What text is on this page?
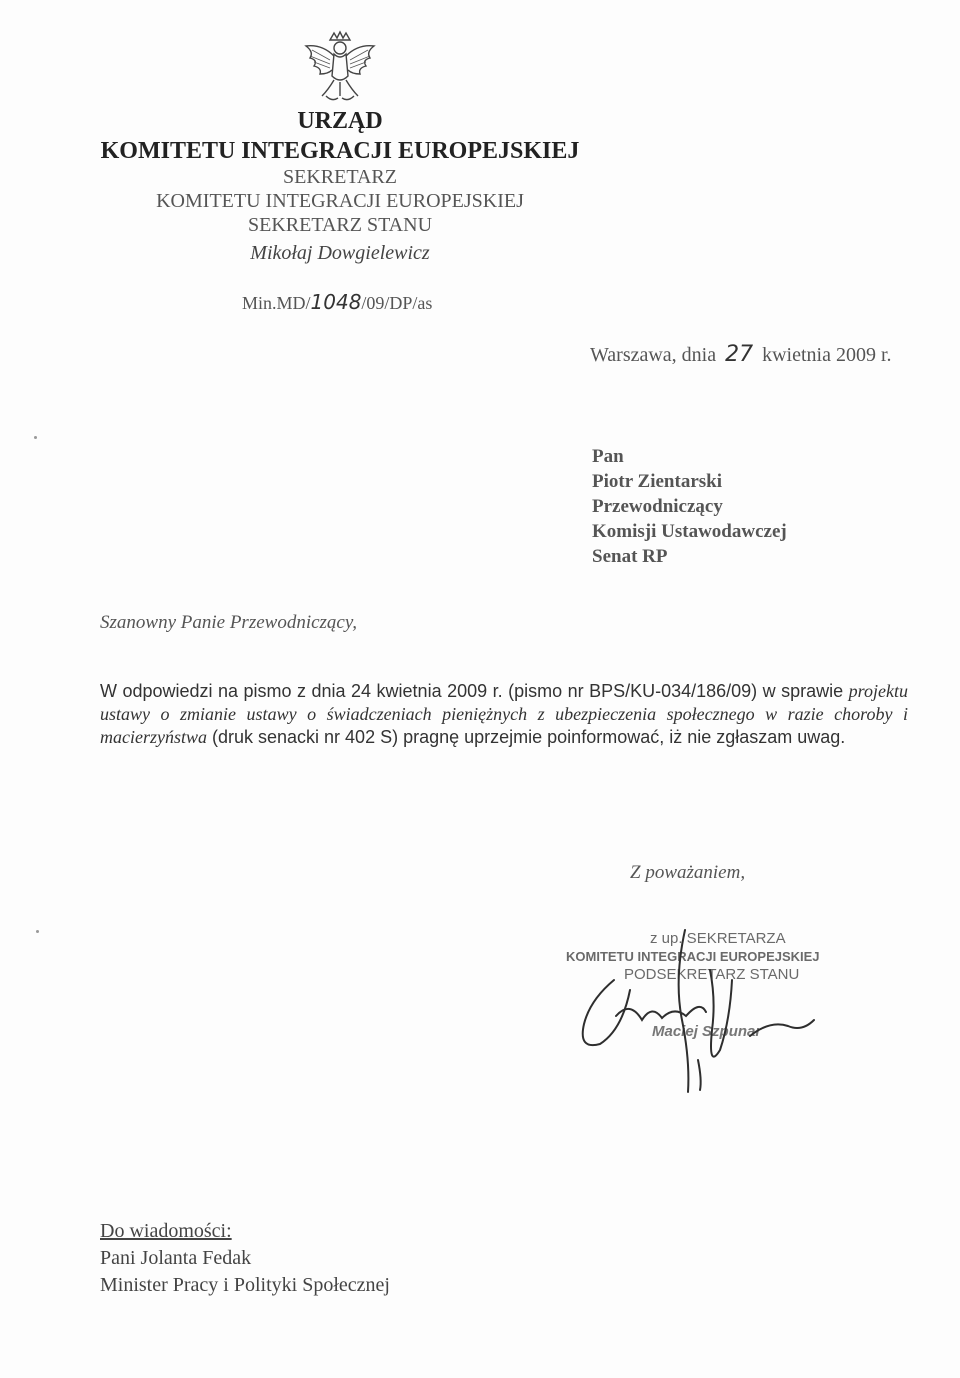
URZĄD
KOMITETU INTEGRACJI EUROPEJSKIEJ
SEKRETARZ
KOMITETU INTEGRACJI EUROPEJSKIEJ
SEKRETARZ STANU
Mikołaj Dowgielewicz
Min.MD/1048/09/DP/as
Warszawa, dnia 27 kwietnia 2009 r.
Pan
Piotr Zientarski
Przewodniczący
Komisji Ustawodawczej
Senat RP
Szanowny Panie Przewodniczący,
W odpowiedzi na pismo z dnia 24 kwietnia 2009 r. (pismo nr BPS/KU-034/186/09) w sprawie projektu ustawy o zmianie ustawy o świadczeniach pieniężnych z ubezpieczenia społecznego w razie choroby i macierzyństwa (druk senacki nr 402 S) pragnę uprzejmie poinformować, iż nie zgłaszam uwag.
Z poważaniem,
z up. SEKRETARZA
KOMITETU INTEGRACJI EUROPEJSKIEJ
PODSEKRETARZ STANU
Maciej Szpunar
Do wiadomości:
Pani Jolanta Fedak
Minister Pracy i Polityki Społecznej
